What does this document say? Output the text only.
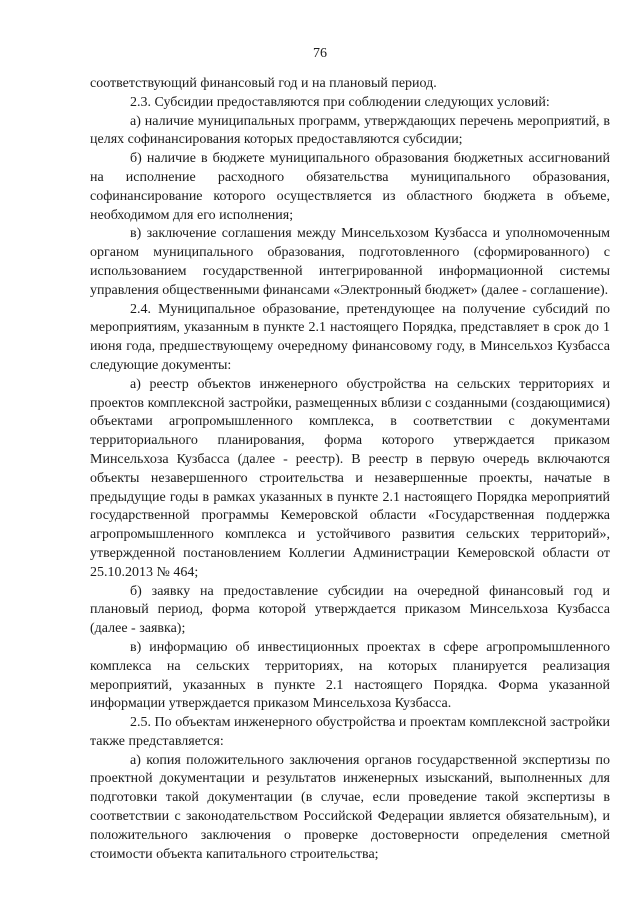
76

соответствующий финансовый год и на плановый период.

2.3. Субсидии предоставляются при соблюдении следующих условий:

а) наличие муниципальных программ, утверждающих перечень мероприятий, в целях софинансирования которых предоставляются субсидии;

б) наличие в бюджете муниципального образования бюджетных ассигнований на исполнение расходного обязательства муниципального образования, софинансирование которого осуществляется из областного бюджета в объеме, необходимом для его исполнения;

в) заключение соглашения между Минсельхозом Кузбасса и уполномоченным органом муниципального образования, подготовленного (сформированного) с использованием государственной интегрированной информационной системы управления общественными финансами «Электронный бюджет» (далее - соглашение).

2.4. Муниципальное образование, претендующее на получение субсидий по мероприятиям, указанным в пункте 2.1 настоящего Порядка, представляет в срок до 1 июня года, предшествующему очередному финансовому году, в Минсельхоз Кузбасса следующие документы:

а) реестр объектов инженерного обустройства на сельских территориях и проектов комплексной застройки, размещенных вблизи с созданными (создающимися) объектами агропромышленного комплекса, в соответствии с документами территориального планирования, форма которого утверждается приказом Минсельхоза Кузбасса (далее - реестр). В реестр в первую очередь включаются объекты незавершенного строительства и незавершенные проекты, начатые в предыдущие годы в рамках указанных в пункте 2.1 настоящего Порядка мероприятий государственной программы Кемеровской области «Государственная поддержка агропромышленного комплекса и устойчивого развития сельских территорий», утвержденной постановлением Коллегии Администрации Кемеровской области от 25.10.2013 № 464;

б) заявку на предоставление субсидии на очередной финансовый год и плановый период, форма которой утверждается приказом Минсельхоза Кузбасса (далее - заявка);

в) информацию об инвестиционных проектах в сфере агропромышленного комплекса на сельских территориях, на которых планируется реализация мероприятий, указанных в пункте 2.1 настоящего Порядка. Форма указанной информации утверждается приказом Минсельхоза Кузбасса.

2.5. По объектам инженерного обустройства и проектам комплексной застройки также представляется:

а) копия положительного заключения органов государственной экспертизы по проектной документации и результатов инженерных изысканий, выполненных для подготовки такой документации (в случае, если проведение такой экспертизы в соответствии с законодательством Российской Федерации является обязательным), и положительного заключения о проверке достоверности определения сметной стоимости объекта капитального строительства;
